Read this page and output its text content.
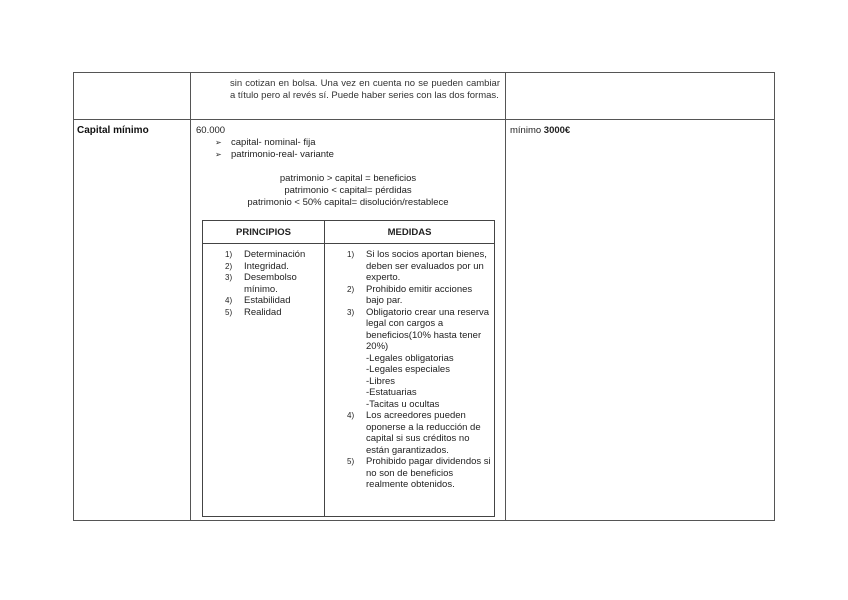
sin cotizan en bolsa. Una vez en cuenta no se pueden cambiar a título pero al revés sí. Puede haber series con las dos formas.
Capital mínimo	60.000
➢ capital- nominal- fija
➢ patrimonio-real- variante
patrimonio > capital = beneficios
patrimonio < capital= pérdidas
patrimonio < 50% capital= disolución/restablece
PRINCIPIOS	MEDIDAS
1) Determinación
2) Integridad.
3) Desembolso mínimo.
4) Estabilidad
5) Realidad
1) Si los socios aportan bienes, deben ser evaluados por un experto.
2) Prohibido emitir acciones bajo par.
3) Obligatorio crear una reserva legal con cargos a beneficios(10% hasta tener 20%)
-Legales obligatorias
-Legales especiales
-Libres
-Estatuarias
-Tacitas u ocultas
4) Los acreedores pueden oponerse a la reducción de capital si sus créditos no están garantizados.
5) Prohibido pagar dividendos si no son de beneficios realmente obtenidos.
mínimo 3000€
